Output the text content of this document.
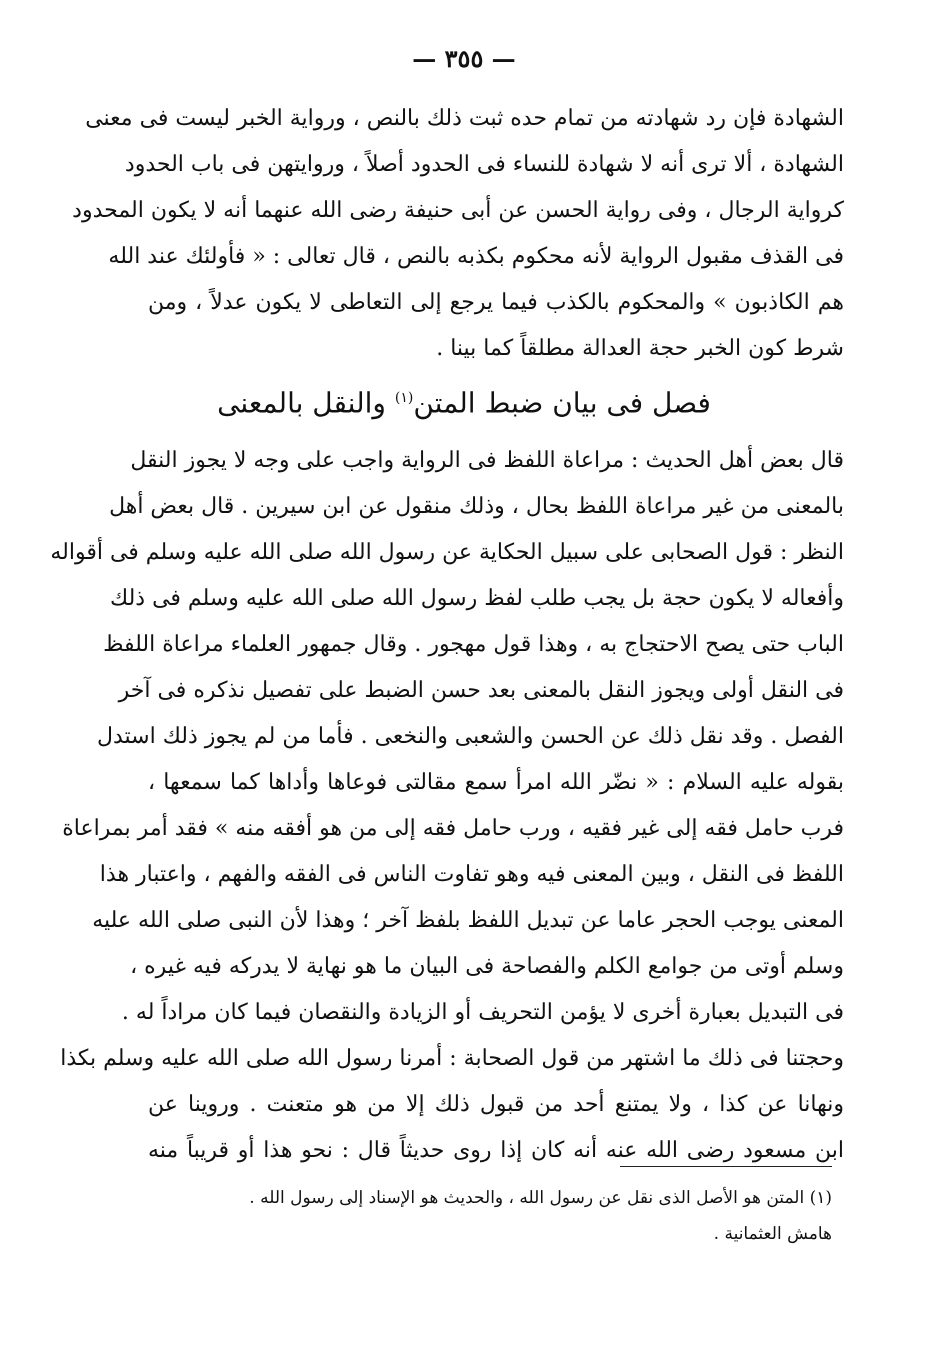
— ٣٥٥ —
الشهادة فإن رد شهادته من تمام حده ثبت ذلك بالنص ، ورواية الخبر ليست فى معنى
الشهادة ، ألا ترى أنه لا شهادة للنساء فى الحدود أصلاً ، وروايتهن فى باب الحدود
كرواية الرجال ، وفى رواية الحسن عن أبى حنيفة رضى الله عنهما أنه لا يكون المحدود
فى القذف مقبول الرواية لأنه محكوم بكذبه بالنص ، قال تعالى : « فأولئك عند الله
هم الكاذبون » والمحكوم بالكذب فيما يرجع إلى التعاطى لا يكون عدلاً ، ومن
شرط كون الخبر حجة العدالة مطلقاً كما بينا .
فصل فى بيان ضبط المتن$^{(١)}$ والنقل بالمعنى
قال بعض أهل الحديث : مراعاة اللفظ فى الرواية واجب على وجه لا يجوز النقل
بالمعنى من غير مراعاة اللفظ بحال ، وذلك منقول عن ابن سيرين . قال بعض أهل
النظر : قول الصحابى على سبيل الحكاية عن رسول الله صلى الله عليه وسلم فى أقواله
وأفعاله لا يكون حجة بل يجب طلب لفظ رسول الله صلى الله عليه وسلم فى ذلك
الباب حتى يصح الاحتجاج به ، وهذا قول مهجور . وقال جمهور العلماء مراعاة اللفظ
فى النقل أولى ويجوز النقل بالمعنى بعد حسن الضبط على تفصيل نذكره فى آخر
الفصل . وقد نقل ذلك عن الحسن والشعبى والنخعى . فأما من لم يجوز ذلك استدل
بقوله عليه السلام : « نضّر الله امرأ سمع مقالتى فوعاها وأداها كما سمعها ،
فرب حامل فقه إلى غير فقيه ، ورب حامل فقه إلى من هو أفقه منه » فقد أمر بمراعاة
اللفظ فى النقل ، وبين المعنى فيه وهو تفاوت الناس فى الفقه والفهم ، واعتبار هذا
المعنى يوجب الحجر عاما عن تبديل اللفظ بلفظ آخر ؛ وهذا لأن النبى صلى الله عليه
وسلم أوتى من جوامع الكلم والفصاحة فى البيان ما هو نهاية لا يدركه فيه غيره ،
فى التبديل بعبارة أخرى لا يؤمن التحريف أو الزيادة والنقصان فيما كان مراداً له .
وحجتنا فى ذلك ما اشتهر من قول الصحابة : أمرنا رسول الله صلى الله عليه وسلم بكذا
ونهانا عن كذا ، ولا يمتنع أحد من قبول ذلك إلا من هو متعنت . وروينا عن
ابن مسعود رضى الله عنه أنه كان إذا روى حديثاً قال : نحو هذا أو قريباً منه
(١) المتن هو الأصل الذى نقل عن رسول الله ، والحديث هو الإسناد إلى رسول الله .
هامش العثمانية .
